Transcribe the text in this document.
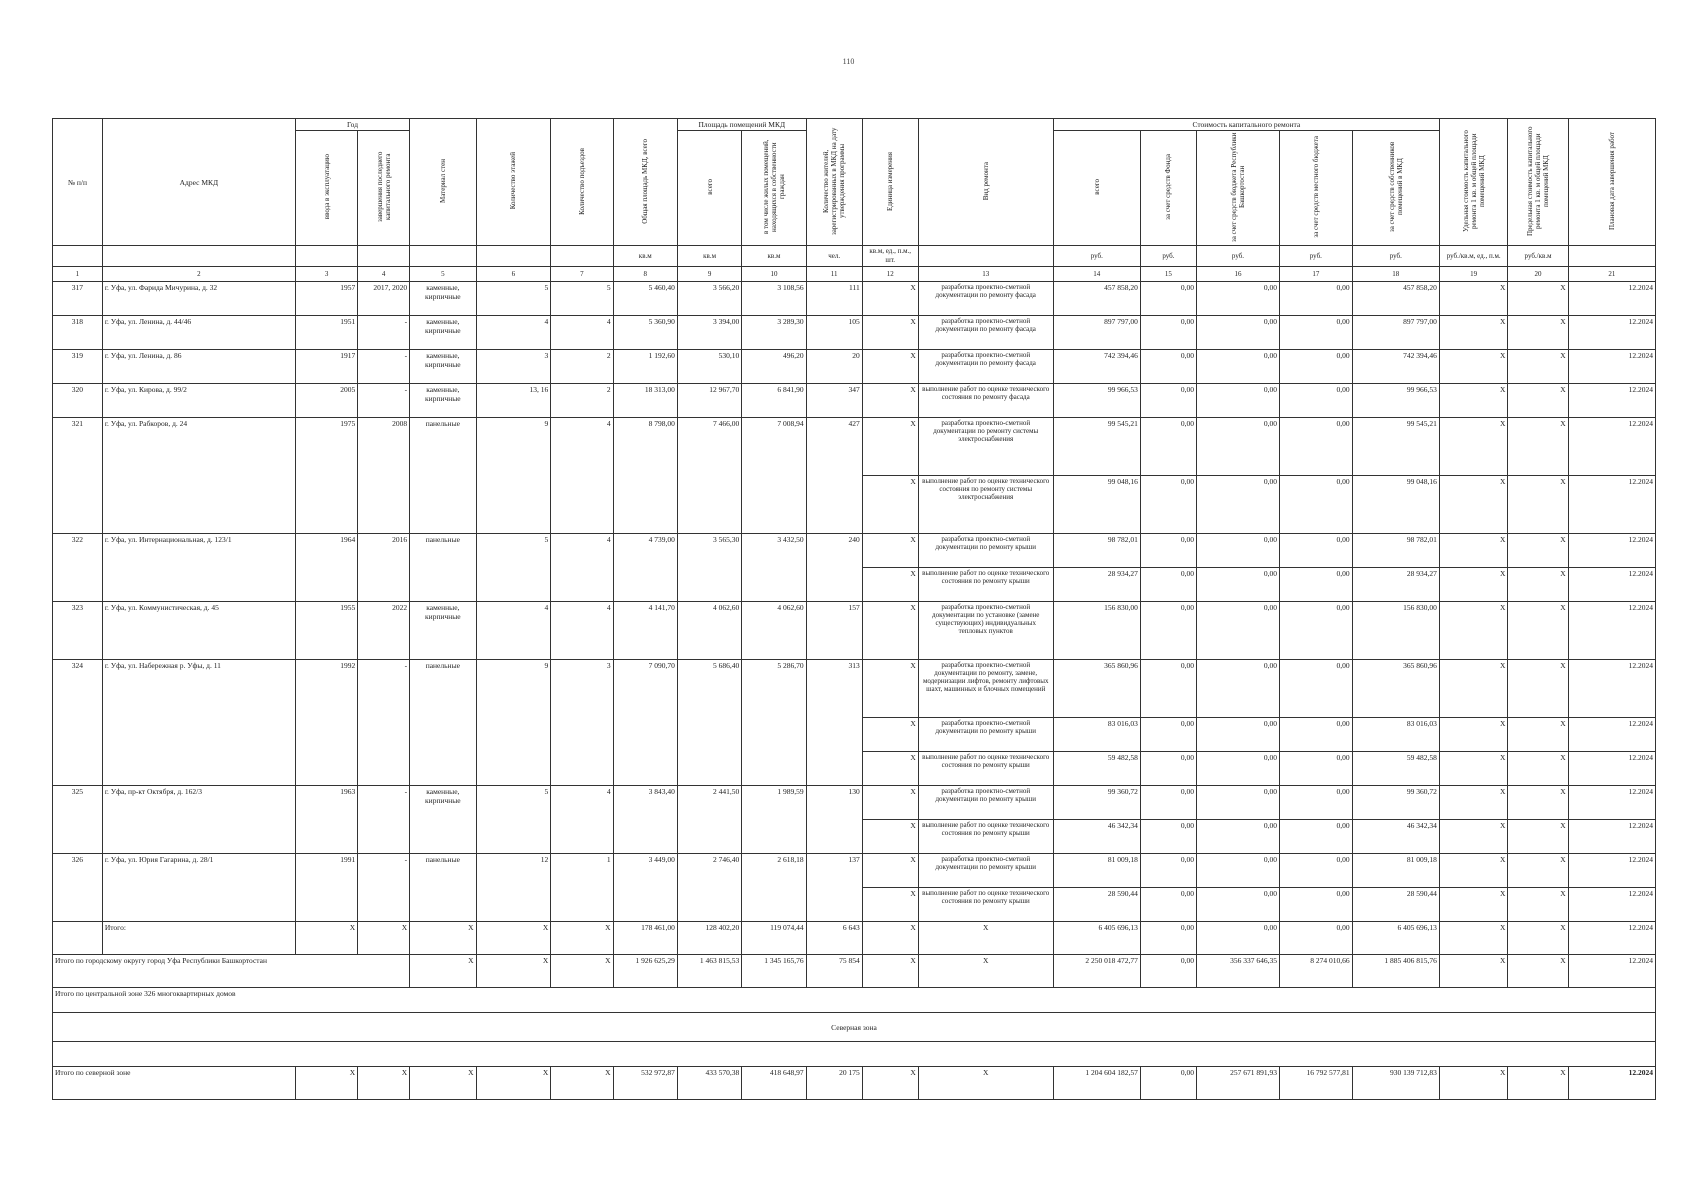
110
№ п/п	Адрес МКД	Год		Материал стен	Количество этажей	Количество подъездов	Общая площадь МКД, всего	Площадь помещений МКД		Количество жителей, зарегистрированных в МКД на дату утверждения программы	Единица измерения	Вид ремонта	Стоимость капитального ремонта					Удельная стоимость капитального ремонта 1 кв. м общей площади помещений МКД	Предельная стоимость капитального ремонта 1 кв. м общей площади помещений МКД	Плановая дата завершения работ
		ввода в эксплуатацию	завершения последнего капитального ремонта					всего	в том числе жилых помещений, находящихся в собственности граждан				всего	за счет средств Фонда	за счет средств бюджета Республики Башкортостан	за счет средств местного бюджета	за счет средств собственников помещений в МКД			
							кв.м	кв.м	кв.м	чел.	кв.м, ед., п.м., шт.		руб.	руб.	руб.	руб.	руб.	руб./кв.м, ед., п.м.	руб./кв.м	
1	2	3	4	5	6	7	8	9	10	11	12	13	14	15	16	17	18	19	20	21
317	г. Уфа, ул. Фарида Мичурина, д. 32	1957	2017, 2020	каменные, кирпичные	5	5	5 460,40	3 566,20	3 108,56	111	X	разработка проектно-сметной документации по ремонту фасада	457 858,20	0,00	0,00	0,00	457 858,20	X	X	12.2024
318	г. Уфа, ул. Ленина, д. 44/46	1951	-	каменные, кирпичные	4	4	5 360,90	3 394,00	3 289,30	105	X	разработка проектно-сметной документации по ремонту фасада	897 797,00	0,00	0,00	0,00	897 797,00	X	X	12.2024
319	г. Уфа, ул. Ленина, д. 86	1917	-	каменные, кирпичные	3	2	1 192,60	530,10	496,20	20	X	разработка проектно-сметной документации по ремонту фасада	742 394,46	0,00	0,00	0,00	742 394,46	X	X	12.2024
320	г. Уфа, ул. Кирова, д. 99/2	2005	-	каменные, кирпичные	13, 16	2	18 313,00	12 967,70	6 841,90	347	X	выполнение работ по оценке технического состояния по ремонту фасада	99 966,53	0,00	0,00	0,00	99 966,53	X	X	12.2024
321	г. Уфа, ул. Рабкоров, д. 24	1975	2008	панельные	9	4	8 798,00	7 466,00	7 008,94	427	X	разработка проектно-сметной документации по ремонту системы электроснабжения	99 545,21	0,00	0,00	0,00	99 545,21	X	X	12.2024
											X	выполнение работ по оценке технического состояния по ремонту системы электроснабжения	99 048,16	0,00	0,00	0,00	99 048,16	X	X	12.2024
322	г. Уфа, ул. Интернациональная, д. 123/1	1964	2016	панельные	5	4	4 739,00	3 565,30	3 432,50	240	X	разработка проектно-сметной документации по ремонту крыши	98 782,01	0,00	0,00	0,00	98 782,01	X	X	12.2024
											X	выполнение работ по оценке технического состояния по ремонту крыши	28 934,27	0,00	0,00	0,00	28 934,27	X	X	12.2024
323	г. Уфа, ул. Коммунистическая, д. 45	1955	2022	каменные, кирпичные	4	4	4 141,70	4 062,60	4 062,60	157	X	разработка проектно-сметной документации по установке (замене существующих) индивидуальных тепловых пунктов	156 830,00	0,00	0,00	0,00	156 830,00	X	X	12.2024
324	г. Уфа, ул. Набережная р. Уфы, д. 11	1992	-	панельные	9	3	7 090,70	5 686,40	5 286,70	313	X	разработка проектно-сметной документации по ремонту, замене, модернизации лифтов, ремонту лифтовых шахт, машинных и блочных помещений	365 860,96	0,00	0,00	0,00	365 860,96	X	X	12.2024
											X	разработка проектно-сметной документации по ремонту крыши	83 016,03	0,00	0,00	0,00	83 016,03	X	X	12.2024
											X	выполнение работ по оценке технического состояния по ремонту крыши	59 482,58	0,00	0,00	0,00	59 482,58	X	X	12.2024
325	г. Уфа, пр-кт Октября, д. 162/3	1963	-	каменные, кирпичные	5	4	3 843,40	2 441,50	1 989,59	130	X	разработка проектно-сметной документации по ремонту крыши	99 360,72	0,00	0,00	0,00	99 360,72	X	X	12.2024
											X	выполнение работ по оценке технического состояния по ремонту крыши	46 342,34	0,00	0,00	0,00	46 342,34	X	X	12.2024
326	г. Уфа, ул. Юрия Гагарина, д. 28/1	1991	-	панельные	12	1	3 449,00	2 746,40	2 618,18	137	X	разработка проектно-сметной документации по ремонту крыши	81 009,18	0,00	0,00	0,00	81 009,18	X	X	12.2024
											X	выполнение работ по оценке технического состояния по ремонту крыши	28 590,44	0,00	0,00	0,00	28 590,44	X	X	12.2024
	Итого:	X	X	X	X	X	178 461,00	128 402,20	119 074,44	6 643	X	X	6 405 696,13	0,00	0,00	0,00	6 405 696,13	X	X	12.2024
Итого по городскому округу город Уфа Республики Башкортостан				X	X	X	1 926 625,29	1 463 815,53	1 345 165,76	75 854	X	X	2 250 018 472,77	0,00	356 337 646,35	8 274 010,66	1 885 406 815,76	X	X	12.2024
Итого по центральной зоне 326 многоквартирных домов																				
Северная зона																				

Итого по северной зоне		X	X	X	X	X	532 972,87	433 570,38	418 648,97	20 175	X	X	1 204 604 182,57	0,00	257 671 891,93	16 792 577,81	930 139 712,83	X	X	12.2024
